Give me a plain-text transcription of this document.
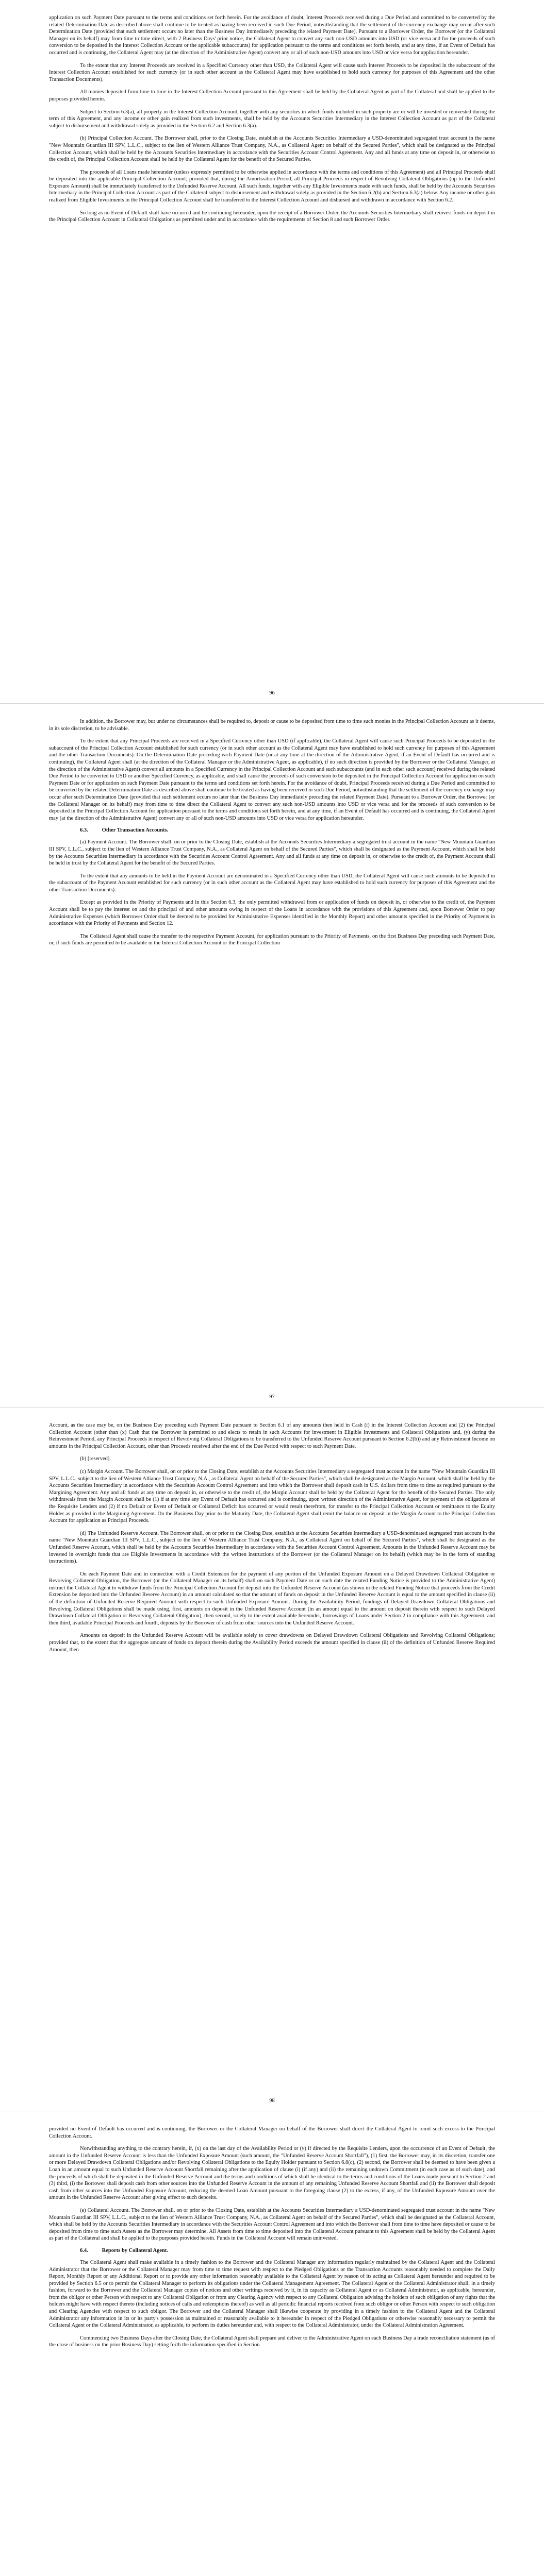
application on such Payment Date pursuant to the terms and conditions set forth herein. For the avoidance of doubt, Interest Proceeds received during a Due Period and committed to be converted by the related Determination Date as described above shall continue to be treated as having been received in such Due Period, notwithstanding that the settlement of the currency exchange may occur after such Determination Date (provided that such settlement occurs no later than the Business Day immediately preceding the related Payment Date). Pursuant to a Borrower Order, the Borrower (or the Collateral Manager on its behalf) may from time to time direct, with 2 Business Days' prior notice, the Collateral Agent to convert any such non-USD amounts into USD (or vice versa and for the proceeds of such conversion to be deposited in the Interest Collection Account or the applicable subaccounts) for application pursuant to the terms and conditions set forth herein, and at any time, if an Event of Default has occurred and is continuing, the Collateral Agent may (at the direction of the Administrative Agent) convert any or all of such non-USD amounts into USD or vice versa for application hereunder.

To the extent that any Interest Proceeds are received in a Specified Currency other than USD, the Collateral Agent will cause such Interest Proceeds to be deposited in the subaccount of the Interest Collection Account established for such currency (or in such other account as the Collateral Agent may have established to hold such currency for purposes of this Agreement and the other Transaction Documents).

All monies deposited from time to time in the Interest Collection Account pursuant to this Agreement shall be held by the Collateral Agent as part of the Collateral and shall be applied to the purposes provided herein.

Subject to Section 6.3(a), all property in the Interest Collection Account, together with any securities in which funds included in such property are or will be invested or reinvested during the term of this Agreement, and any income or other gain realized from such investments, shall be held by the Accounts Securities Intermediary in the Interest Collection Account as part of the Collateral subject to disbursement and withdrawal solely as provided in the Section 6.2 and Section 6.3(a).

(b) Principal Collection Account. The Borrower shall, prior to the Closing Date, establish at the Accounts Securities Intermediary a USD-denominated segregated trust account in the name "New Mountain Guardian III SPV, L.L.C., subject to the lien of Western Alliance Trust Company, N.A., as Collateral Agent on behalf of the Secured Parties", which shall be designated as the Principal Collection Account, which shall be held by the Accounts Securities Intermediary in accordance with the Securities Account Control Agreement. Any and all funds at any time on deposit in, or otherwise to the credit of, the Principal Collection Account shall be held by the Collateral Agent for the benefit of the Secured Parties.

The proceeds of all Loans made hereunder (unless expressly permitted to be otherwise applied in accordance with the terms and conditions of this Agreement) and all Principal Proceeds shall be deposited into the applicable Principal Collection Account; provided that, during the Amortization Period, all Principal Proceeds in respect of Revolving Collateral Obligations (up to the Unfunded Exposure Amount) shall be immediately transferred to the Unfunded Reserve Account. All such funds, together with any Eligible Investments made with such funds, shall be held by the Accounts Securities Intermediary in the Principal Collection Account as part of the Collateral subject to disbursement and withdrawal solely as provided in the Section 6.2(b) and Section 6.3(a) below. Any income or other gain realized from Eligible Investments in the Principal Collection Account shall be transferred to the Interest Collection Account and disbursed and withdrawn in accordance with Section 6.2.

So long as no Event of Default shall have occurred and be continuing hereunder, upon the receipt of a Borrower Order, the Accounts Securities Intermediary shall reinvest funds on deposit in the Principal Collection Account in Collateral Obligations as permitted under and in accordance with the requirements of Section 8 and such Borrower Order.

96

In addition, the Borrower may, but under no circumstances shall be required to, deposit or cause to be deposited from time to time such monies in the Principal Collection Account as it deems, in its sole discretion, to be advisable.

To the extent that any Principal Proceeds are received in a Specified Currency other than USD (if applicable), the Collateral Agent will cause such Principal Proceeds to be deposited in the subaccount of the Principal Collection Account established for such currency (or in such other account as the Collateral Agent may have established to hold such currency for purposes of this Agreement and the other Transaction Documents). On the Determination Date preceding each Payment Date (or at any time at the direction of the Administrative Agent, if an Event of Default has occurred and is continuing), the Collateral Agent shall (at the direction of the Collateral Manager or the Administrative Agent, as applicable), if no such direction is provided by the Borrower or the Collateral Manager, at the direction of the Administrative Agent) convert all amounts in a Specified Currency in the Principal Collection Account and such subaccounts (and in each other such account) received during the related Due Period to be converted to USD or another Specified Currency, as applicable, and shall cause the proceeds of such conversion to be deposited in the Principal Collection Account for application on such Payment Date or for application on such Payment Date pursuant to the terms and conditions set forth herein. For the avoidance of doubt, Principal Proceeds received during a Due Period and committed to be converted by the related Determination Date as described above shall continue to be treated as having been received in such Due Period, notwithstanding that the settlement of the currency exchange may occur after such Determination Date (provided that such settlement occurs no later than the Business Day immediately preceding the related Payment Date). Pursuant to a Borrower Order, the Borrower (or the Collateral Manager on its behalf) may from time to time direct the Collateral Agent to convert any such non-USD amounts into USD or vice versa and for the proceeds of such conversion to be deposited in the Principal Collection Account for application pursuant to the terms and conditions set forth herein, and at any time, if an Event of Default has occurred and is continuing, the Collateral Agent may (at the direction of the Administrative Agent) convert any or all of such non-USD amounts into USD or vice versa for application hereunder.

6.3.	Other Transaction Accounts.

(a) Payment Account. The Borrower shall, on or prior to the Closing Date, establish at the Accounts Securities Intermediary a segregated trust account in the name "New Mountain Guardian III SPV, L.L.C., subject to the lien of Western Alliance Trust Company, N.A., as Collateral Agent on behalf of the Secured Parties", which shall be designated as the Payment Account, which shall be held by the Accounts Securities Intermediary in accordance with the Securities Account Control Agreement. Any and all funds at any time on deposit in, or otherwise to the credit of, the Payment Account shall be held in trust by the Collateral Agent for the benefit of the Secured Parties.

To the extent that any amounts to be held in the Payment Account are denominated in a Specified Currency other than USD, the Collateral Agent will cause such amounts to be deposited in the subaccount of the Payment Account established for such currency (or in such other account as the Collateral Agent may have established to hold such currency for purposes of this Agreement and the other Transaction Documents).

Except as provided in the Priority of Payments and in this Section 6.3, the only permitted withdrawal from or application of funds on deposit in, or otherwise to the credit of, the Payment Account shall be to pay the interest on and the principal of and other amounts owing in respect of the Loans in accordance with the provisions of this Agreement and, upon Borrower Order to pay Administrative Expenses (which Borrower Order shall be deemed to be provided for Administrative Expenses identified in the Monthly Report) and other amounts specified in the Priority of Payments in accordance with the Priority of Payments and Section 12.

The Collateral Agent shall cause the transfer to the respective Payment Account, for application pursuant to the Priority of Payments, on the first Business Day preceding such Payment Date, or, if such funds are permitted to be available in the Interest Collection Account or the Principal Collection

97

Account, as the case may be, on the Business Day preceding each Payment Date pursuant to Section 6.1 of any amounts then held in Cash (i) in the Interest Collection Account and (2) the Principal Collection Account (other than (x) Cash that the Borrower is permitted to and elects to retain in such Accounts for investment in Eligible Investments and Collateral Obligations and, (y) during the Reinvestment Period, any Principal Proceeds in respect of Revolving Collateral Obligations to be transferred to the Unfunded Reserve Account pursuant to Section 6.2(b)) and any Reinvestment Income on amounts in the Principal Collection Account, other than Proceeds received after the end of the Due Period with respect to such Payment Date.

(b) [reserved].

(c) Margin Account. The Borrower shall, on or prior to the Closing Date, establish at the Accounts Securities Intermediary a segregated trust account in the name "New Mountain Guardian III SPV, L.L.C., subject to the lien of Western Alliance Trust Company, N.A., as Collateral Agent on behalf of the Secured Parties", which shall be designated as the Margin Account, which shall be held by the Accounts Securities Intermediary in accordance with the Securities Account Control Agreement and into which the Borrower shall deposit cash in U.S. dollars from time to time as required pursuant to the Margining Agreement. Any and all funds at any time on deposit in, or otherwise to the credit of, the Margin Account shall be held by the Collateral Agent for the benefit of the Secured Parties. The only withdrawals from the Margin Account shall be (1) if at any time any Event of Default has occurred and is continuing, upon written direction of the Administrative Agent, for payment of the obligations of the Requisite Lenders and (2) if no Default or Event of Default or Collateral Deficit has occurred or would result therefrom, for transfer to the Principal Collection Account or remittance to the Equity Holder as provided in the Margining Agreement. On the Business Day prior to the Maturity Date, the Collateral Agent shall remit the balance on deposit in the Margin Account to the Principal Collection Account for application as Principal Proceeds.

(d) The Unfunded Reserve Account. The Borrower shall, on or prior to the Closing Date, establish at the Accounts Securities Intermediary a USD-denominated segregated trust account in the name "New Mountain Guardian III SPV, L.L.C., subject to the lien of Western Alliance Trust Company, N.A., as Collateral Agent on behalf of the Secured Parties", which shall be designated as the Unfunded Reserve Account, which shall be held by the Accounts Securities Intermediary in accordance with the Securities Account Control Agreement. Amounts in the Unfunded Reserve Account may be invested in overnight funds that are Eligible Investments in accordance with the written instructions of the Borrower (or the Collateral Manager on its behalf) (which may be in the form of standing instructions).

On each Payment Date and in connection with a Credit Extension for the payment of any portion of the Unfunded Exposure Amount on a Delayed Drawdown Collateral Obligation or Revolving Collateral Obligation, the Borrower (or the Collateral Manager on its behalf) shall on such Payment Date or on such date the related Funding Notice is provided to the Administrative Agent) instruct the Collateral Agent to withdraw funds from the Principal Collection Account for deposit into the Unfunded Reserve Account (as shown in the related Funding Notice that proceeds from the Credit Extension be deposited into the Unfunded Reserve Account) in an amount calculated so that the amount of funds on deposit in the Unfunded Reserve Account is equal to the amount specified in clause (ii) of the definition of Unfunded Reserve Required Amount with respect to such Unfunded Exposure Amount. During the Availability Period, fundings of Delayed Drawdown Collateral Obligations and Revolving Collateral Obligations shall be made using, first, amounts on deposit in the Unfunded Reserve Account (in an amount equal to the amount on deposit therein with respect to such Delayed Drawdown Collateral Obligation or Revolving Collateral Obligation), then second, solely to the extent available hereunder, borrowings of Loans under Section 2 in compliance with this Agreement, and then third, available Principal Proceeds and fourth, deposits by the Borrower of cash from other sources into the Unfunded Reserve Account.

Amounts on deposit in the Unfunded Reserve Account will be available solely to cover drawdowns on Delayed Drawdown Collateral Obligations and Revolving Collateral Obligations; provided that, to the extent that the aggregate amount of funds on deposit therein during the Availability Period exceeds the amount specified in clause (ii) of the definition of Unfunded Reserve Required Amount, then

98

provided no Event of Default has occurred and is continuing, the Borrower or the Collateral Manager on behalf of the Borrower shall direct the Collateral Agent to remit such excess to the Principal Collection Account.

Notwithstanding anything to the contrary herein, if, (x) on the last day of the Availability Period or (y) if directed by the Requisite Lenders, upon the occurrence of an Event of Default, the amount in the Unfunded Reserve Account is less than the Unfunded Exposure Amount (such amount, the "Unfunded Reserve Account Shortfall"), (1) first, the Borrower may, in its discretion, transfer one or more Delayed Drawdown Collateral Obligations and/or Revolving Collateral Obligations to the Equity Holder pursuant to Section 6.8(c), (2) second, the Borrower shall be deemed to have been given a Loan in an amount equal to such Unfunded Reserve Account Shortfall remaining after the application of clause (i) (if any) and (ii) the remaining undrawn Commitment (in each case as of such date), and the proceeds of which shall be deposited in the Unfunded Reserve Account and the terms and conditions of which shall be identical to the terms and conditions of the Loans made pursuant to Section 2 and (3) third, (i) the Borrower shall deposit cash from other sources into the Unfunded Reserve Account in the amount of any remaining Unfunded Reserve Account Shortfall and (ii) the Borrower shall deposit cash from other sources into the Unfunded Exposure Account, reducing the deemed Loan Amount pursuant to the foregoing clause (2) to the excess, if any, of the Unfunded Exposure Amount over the amount in the Unfunded Reserve Account after giving effect to such deposits.

(e) Collateral Account. The Borrower shall, on or prior to the Closing Date, establish at the Accounts Securities Intermediary a USD-denominated segregated trust account in the name "New Mountain Guardian III SPV, L.L.C., subject to the lien of Western Alliance Trust Company, N.A., as Collateral Agent on behalf of the Secured Parties", which shall be designated as the Collateral Account, which shall be held by the Accounts Securities Intermediary in accordance with the Securities Account Control Agreement and into which the Borrower shall from time to time have deposited or cause to be deposited from time to time such Assets as the Borrower may determine. All Assets from time to time deposited into the Collateral Account pursuant to this Agreement shall be held by the Collateral Agent as part of the Collateral and shall be applied to the purposes provided herein. Funds in the Collateral Account will remain uninvested.

6.4.	Reports by Collateral Agent.

The Collateral Agent shall make available in a timely fashion to the Borrower and the Collateral Manager any information regularly maintained by the Collateral Agent and the Collateral Administrator that the Borrower or the Collateral Manager may from time to time request with respect to the Pledged Obligations or the Transaction Accounts reasonably needed to complete the Daily Report, Monthly Report or any Additional Report or to provide any other information reasonably available to the Collateral Agent by reason of its acting as Collateral Agent hereunder and required to be provided by Section 6.5 or to permit the Collateral Manager to perform its obligations under the Collateral Management Agreement. The Collateral Agent or the Collateral Administrator shall, in a timely fashion, forward to the Borrower and the Collateral Manager copies of notices and other writings received by it, in its capacity as Collateral Agent or as Collateral Administrator, as applicable, hereunder, from the obligor or other Person with respect to any Collateral Obligation or from any Clearing Agency with respect to any Collateral Obligation advising the holders of such obligation of any rights that the holders might have with respect thereto (including notices of calls and redemptions thereof) as well as all periodic financial reports received from such obligor or other Person with respect to such obligation and Clearing Agencies with respect to such obligor. The Borrower and the Collateral Manager shall likewise cooperate by providing in a timely fashion to the Collateral Agent and the Collateral Administrator any information in its or its party's possession as maintained or reasonably available to it hereunder in respect of the Pledged Obligations or otherwise reasonably necessary to permit the Collateral Agent or the Collateral Administrator, as applicable, to perform its duties hereunder and, with respect to the Collateral Administrator, under the Collateral Administration Agreement.

Commencing two Business Days after the Closing Date, the Collateral Agent shall prepare and deliver to the Administrative Agent on each Business Day a trade reconciliation statement (as of the close of business on the prior Business Day) setting forth the information specified in Section
